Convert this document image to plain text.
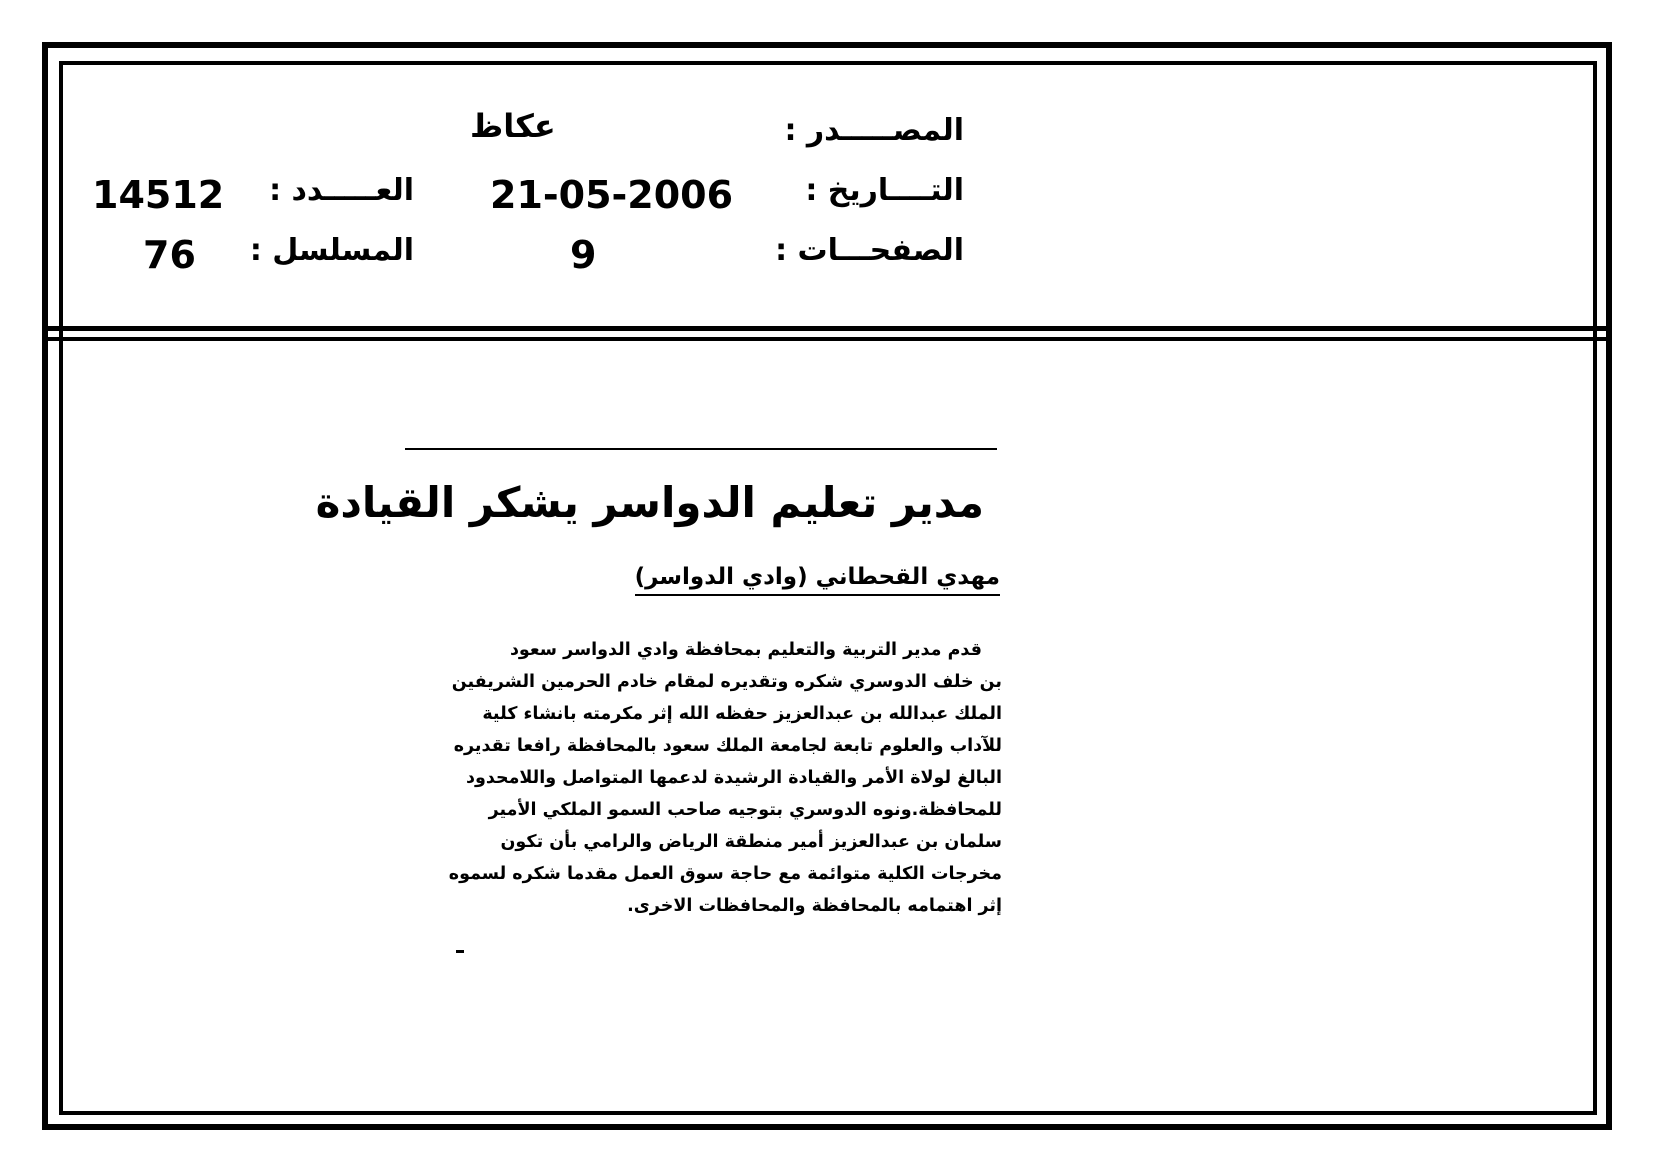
المصـــــدر :
عكاظ
التــــاريخ :
21-05-2006
العـــــدد :
14512
الصفحـــات :
9
المسلسل :
76
مدير تعليم الدواسر يشكر القيادة
مهدي القحطاني (وادي الدواسر)
قدم مدير التربية والتعليم بمحافظة وادي الدواسر سعود
بن خلف الدوسري شكره وتقديره لمقام خادم الحرمين الشريفين
الملك عبدالله بن عبدالعزيز حفظه الله إثر مكرمته بانشاء كلية
للآداب والعلوم تابعة لجامعة الملك سعود بالمحافظة رافعا تقديره
البالغ لولاة الأمر والقيادة الرشيدة لدعمها المتواصل واللامحدود
للمحافظة.ونوه الدوسري بتوجيه صاحب السمو الملكي الأمير
سلمان بن عبدالعزيز أمير منطقة الرياض والرامي بأن تكون
مخرجات الكلية متوائمة مع حاجة سوق العمل مقدما شكره لسموه
إثر اهتمامه بالمحافظة والمحافظات الاخرى.
